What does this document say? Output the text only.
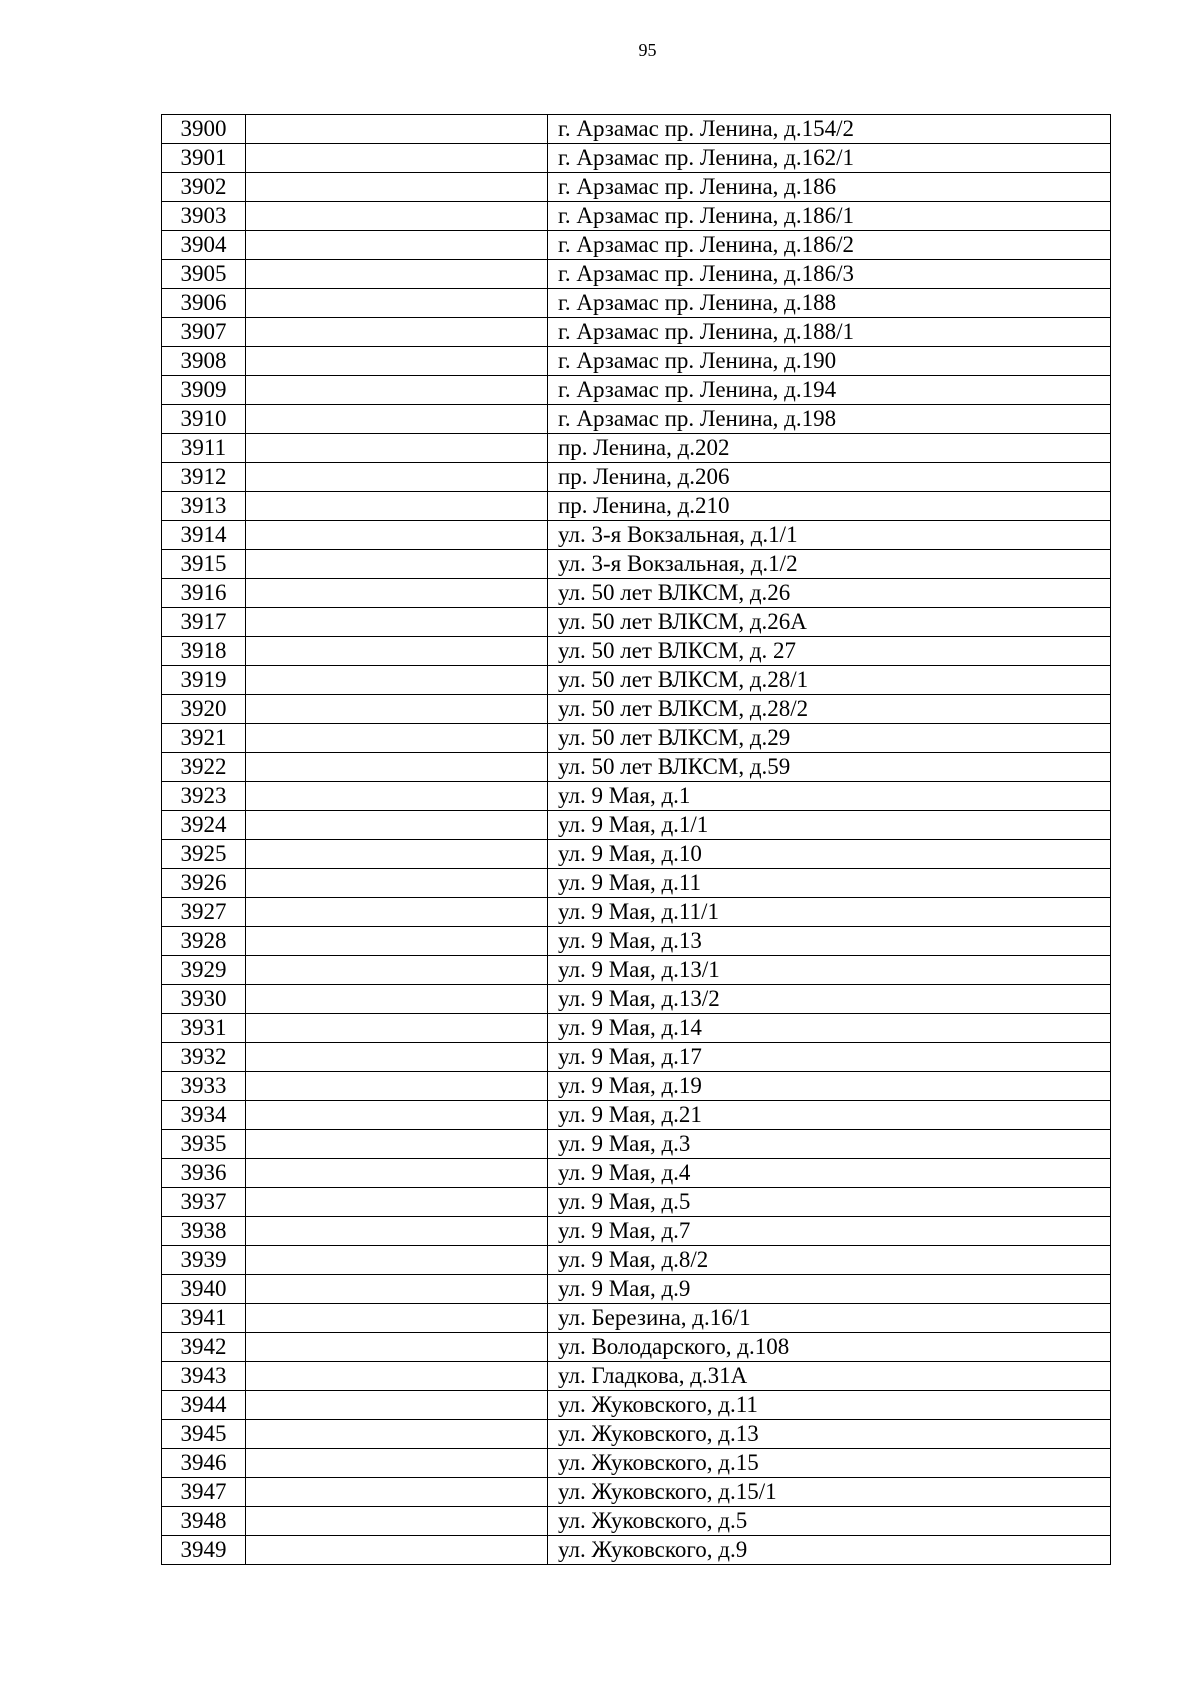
95
3900		г. Арзамас пр. Ленина, д.154/2
3901		г. Арзамас пр. Ленина, д.162/1
3902		г. Арзамас пр. Ленина, д.186
3903		г. Арзамас пр. Ленина, д.186/1
3904		г. Арзамас пр. Ленина, д.186/2
3905		г. Арзамас пр. Ленина, д.186/3
3906		г. Арзамас пр. Ленина, д.188
3907		г. Арзамас пр. Ленина, д.188/1
3908		г. Арзамас пр. Ленина, д.190
3909		г. Арзамас пр. Ленина, д.194
3910		г. Арзамас пр. Ленина, д.198
3911		пр. Ленина, д.202
3912		пр. Ленина, д.206
3913		пр. Ленина, д.210
3914		ул. 3-я Вокзальная, д.1/1
3915		ул. 3-я Вокзальная, д.1/2
3916		ул. 50 лет ВЛКСМ, д.26
3917		ул. 50 лет ВЛКСМ, д.26А
3918		ул. 50 лет ВЛКСМ, д. 27
3919		ул. 50 лет ВЛКСМ, д.28/1
3920		ул. 50 лет ВЛКСМ, д.28/2
3921		ул. 50 лет ВЛКСМ, д.29
3922		ул. 50 лет ВЛКСМ, д.59
3923		ул. 9 Мая, д.1
3924		ул. 9 Мая, д.1/1
3925		ул. 9 Мая, д.10
3926		ул. 9 Мая, д.11
3927		ул. 9 Мая, д.11/1
3928		ул. 9 Мая, д.13
3929		ул. 9 Мая, д.13/1
3930		ул. 9 Мая, д.13/2
3931		ул. 9 Мая, д.14
3932		ул. 9 Мая, д.17
3933		ул. 9 Мая, д.19
3934		ул. 9 Мая, д.21
3935		ул. 9 Мая, д.3
3936		ул. 9 Мая, д.4
3937		ул. 9 Мая, д.5
3938		ул. 9 Мая, д.7
3939		ул. 9 Мая, д.8/2
3940		ул. 9 Мая, д.9
3941		ул. Березина, д.16/1
3942		ул. Володарского, д.108
3943		ул. Гладкова, д.31А
3944		ул. Жуковского, д.11
3945		ул. Жуковского, д.13
3946		ул. Жуковского, д.15
3947		ул. Жуковского, д.15/1
3948		ул. Жуковского, д.5
3949		ул. Жуковского, д.9
